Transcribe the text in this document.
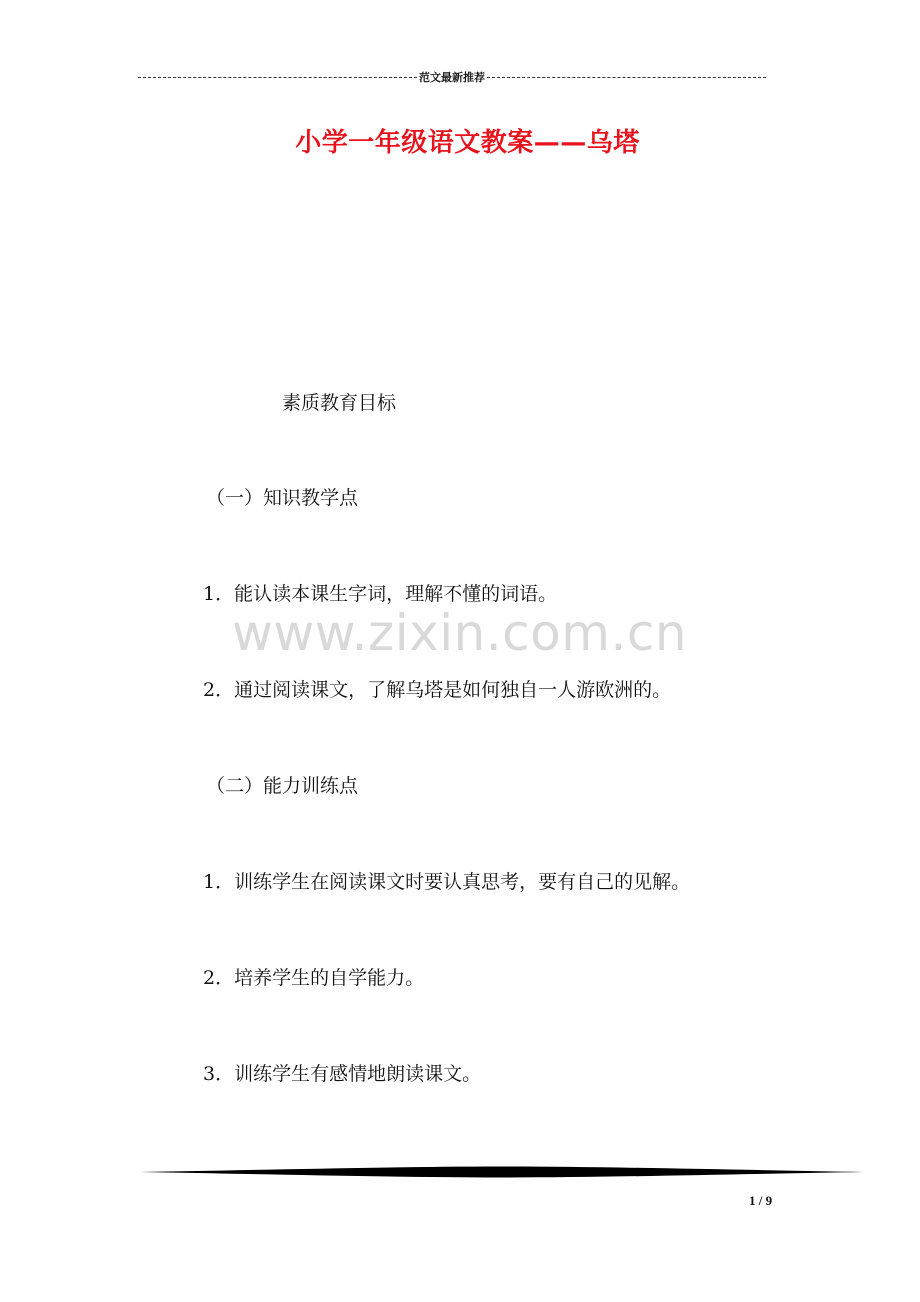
范文最新推荐
小学一年级语文教案——乌塔
素质教育目标
（一）知识教学点
1．能认读本课生字词，理解不懂的词语。
www.zixin.com.cn
2．通过阅读课文，了解乌塔是如何独自一人游欧洲的。
（二）能力训练点
1．训练学生在阅读课文时要认真思考，要有自己的见解。
2．培养学生的自学能力。
3．训练学生有感情地朗读课文。
1 / 9
